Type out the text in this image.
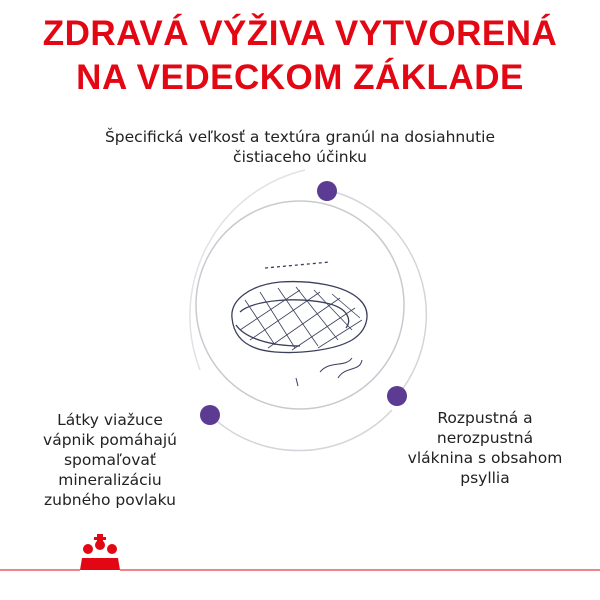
ZDRAVÁ VÝŽIVA VYTVORENÁ
NA VEDECKOM ZÁKLADE

Špecifická veľkosť a textúra granúl na dosiahnutie
čistiaceho účinku

Látky viažuce
vápnik pomáhajú
spomaľovať
mineralizáciu
zubného povlaku

Rozpustná a
nerozpustná
vláknina s obsahom
psyllia
